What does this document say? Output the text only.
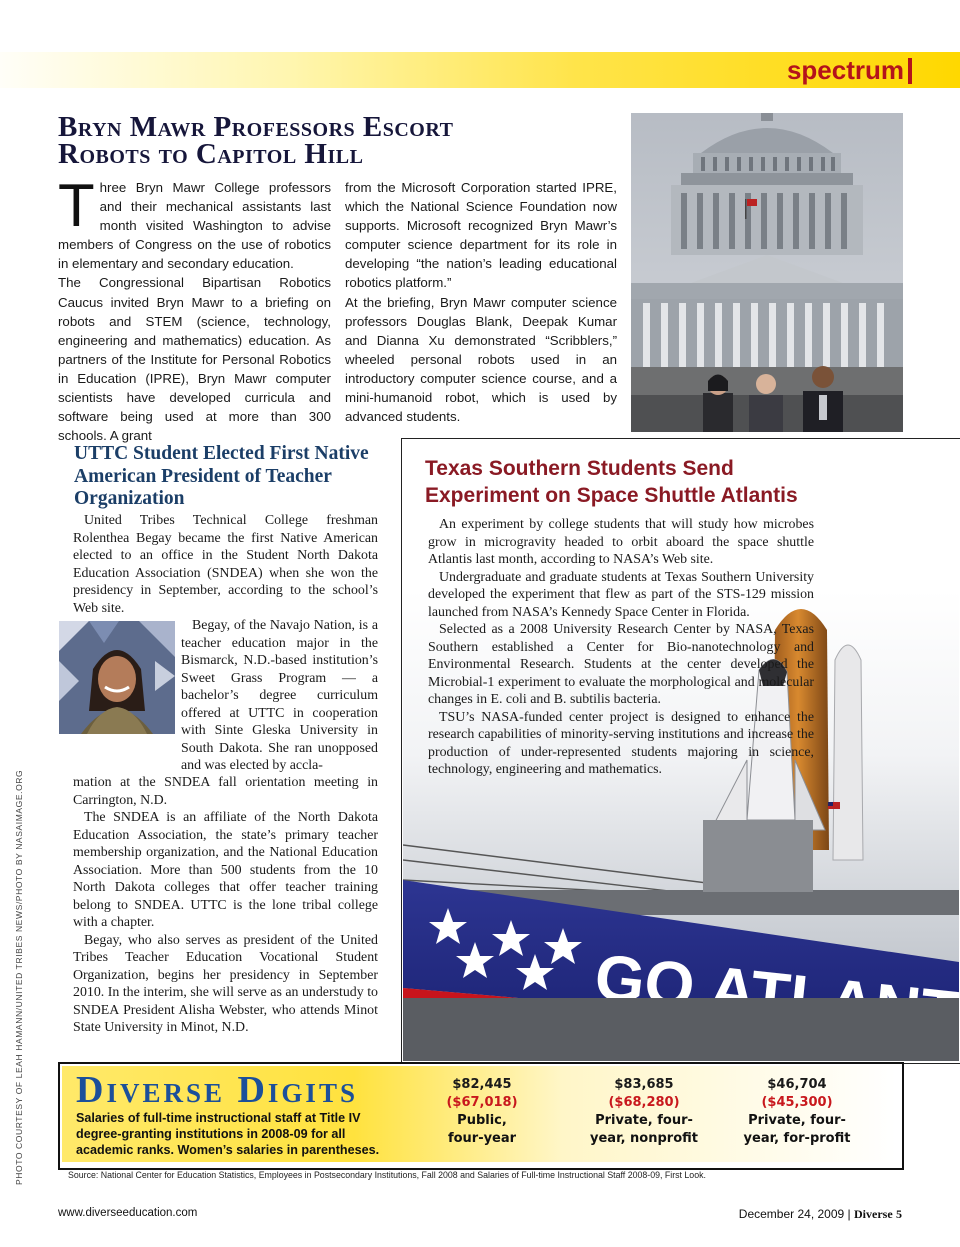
spectrum
Bryn Mawr Professors Escort
Robots to Capitol Hill

Three Bryn Mawr College professors and their mechanical assistants last month visited Washington to advise members of Congress on the use of robotics in elementary and secondary education.

The Congressional Bipartisan Robotics Caucus invited Bryn Mawr to a briefing on robots and STEM (science, technology, engineering and mathematics) education. As partners of the Institute for Personal Robotics in Education (IPRE), Bryn Mawr computer scientists have developed curricula and software being used at more than 300 schools. A grant

from the Microsoft Corporation started IPRE, which the National Science Foundation now supports. Microsoft recognized Bryn Mawr’s computer science department for its role in developing “the nation’s leading educational robotics platform.”

At the briefing, Bryn Mawr computer science professors Douglas Blank, Deepak Kumar and Dianna Xu demonstrated “Scribblers,” wheeled personal robots used in an introductory computer science course, and a mini-humanoid robot, which is used by advanced students.

UTTC Student Elected First Native American President of Teacher Organization

United Tribes Technical College freshman Rolenthea Begay became the first Native American elected to an office in the Student North Dakota Education Association (SNDEA) when she won the presidency in September, according to the school’s Web site.

Begay, of the Navajo Nation, is a teacher education major in the Bismarck, N.D.-based institution’s Sweet Grass Program — a bachelor’s degree curriculum offered at UTTC in cooperation with Sinte Gleska University in South Dakota. She ran unopposed and was elected by accla-

mation at the SNDEA fall orientation meeting in Carrington, N.D.

The SNDEA is an affiliate of the North Dakota Education Association, the state’s primary teacher membership organization, and the National Education Association. More than 500 students from the 10 North Dakota colleges that offer teacher training belong to SNDEA. UTTC is the lone tribal college with a chapter.

Begay, who also serves as president of the United Tribes Teacher Education Vocational Student Organization, begins her presidency in September 2010. In the interim, she will serve as an understudy to SNDEA President Alisha Webster, who attends Minot State University in Minot, N.D.

Texas Southern Students Send Experiment on Space Shuttle Atlantis

An experiment by college students that will study how microbes grow in microgravity headed to orbit aboard the space shuttle Atlantis last month, according to NASA’s Web site.

Undergraduate and graduate students at Texas Southern University developed the experiment that flew as part of the STS-129 mission launched from NASA’s Kennedy Space Center in Florida.

Selected as a 2008 University Research Center by NASA, Texas Southern established a Center for Bio-nanotechnology and Environmental Research. Students at the center developed the Microbial-1 experiment to evaluate the morphological and molecular changes in E. coli and B. subtilis bacteria.

TSU’s NASA-funded center project is designed to enhance the research capabilities of minority-serving institutions and increase the production of under-represented students majoring in science, technology, engineering and mathematics.

PHOTO COURTESY OF LEAH HAMANN/UNITED TRIBES NEWS/PHOTO BY NASAIMAGE.ORG Diverse Digits
Salaries of full-time instructional staff at Title IV degree-granting institutions in 2008-09 for all academic ranks. Women’s salaries in parentheses.
$82,445
($67,018)
Public,
four-year
$83,685
($68,280)
Private, four-
year, nonprofit
$46,704
($45,300)
Private, four-
year, for-profit
Source: National Center for Education Statistics, Employees in Postsecondary Institutions, Fall 2008 and Salaries of Full-time Instructional Staff 2008-09, First Look.
www.diverseeducation.com	December 24, 2009 | Diverse 5
